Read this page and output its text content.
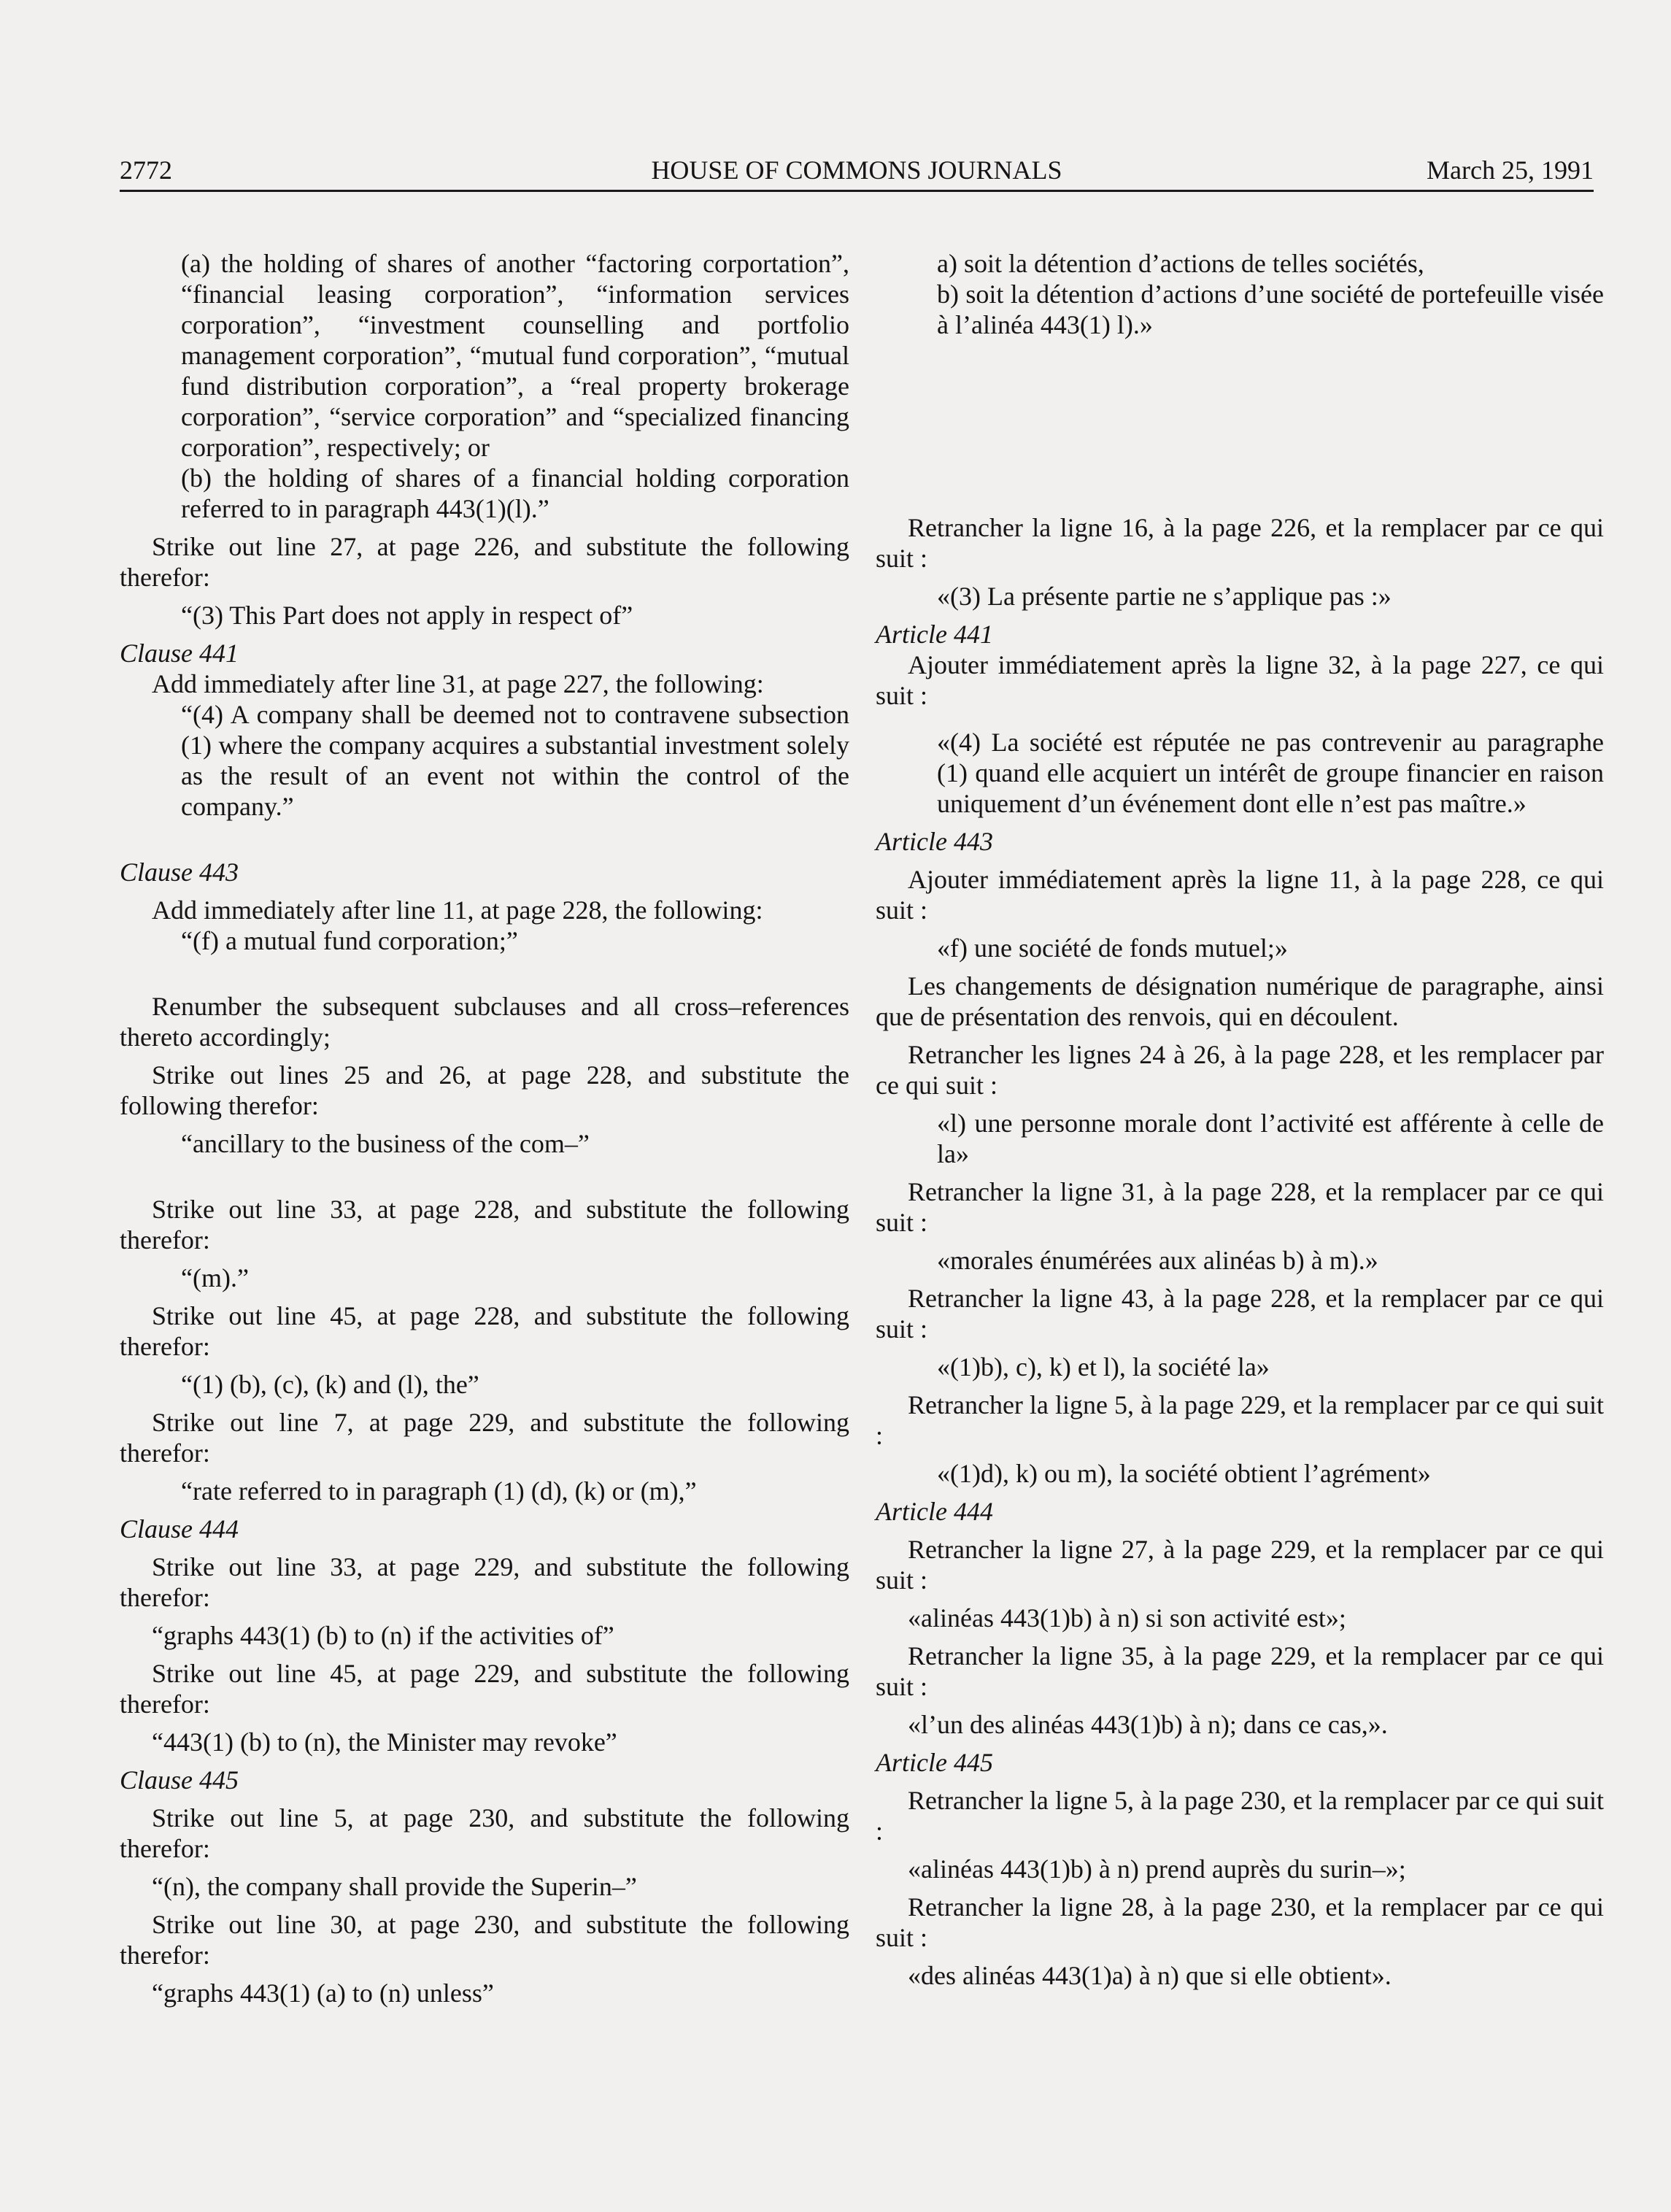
2772	HOUSE OF COMMONS JOURNALS	March 25, 1991

(a) the holding of shares of another “factoring corportation”, “financial leasing corporation”, “information services corporation”, “investment counselling and portfolio management corporation”, “mutual fund corporation”, “mutual fund distribution corporation”, a “real property brokerage corporation”, “service corporation” and “specialized financing corporation”, respectively; or

(b) the holding of shares of a financial holding corporation referred to in paragraph 443(1)(l).”

Strike out line 27, at page 226, and substitute the following therefor:

“(3) This Part does not apply in respect of”

Clause 441

Add immediately after line 31, at page 227, the following:

“(4) A company shall be deemed not to contravene subsection (1) where the company acquires a substantial investment solely as the result of an event not within the control of the company.”

Clause 443

Add immediately after line 11, at page 228, the following:

“(f) a mutual fund corporation;”

Renumber the subsequent subclauses and all cross–references thereto accordingly;

Strike out lines 25 and 26, at page 228, and substitute the following therefor:

“ancillary to the business of the com–”

Strike out line 33, at page 228, and substitute the following therefor:

“(m).”

Strike out line 45, at page 228, and substitute the following therefor:

“(1) (b), (c), (k) and (l), the”

Strike out line 7, at page 229, and substitute the following therefor:

“rate referred to in paragraph (1) (d), (k) or (m),”

Clause 444

Strike out line 33, at page 229, and substitute the following therefor:

“graphs 443(1) (b) to (n) if the activities of”

Strike out line 45, at page 229, and substitute the following therefor:

“443(1) (b) to (n), the Minister may revoke”

Clause 445

Strike out line 5, at page 230, and substitute the following therefor:

“(n), the company shall provide the Superin–”

Strike out line 30, at page 230, and substitute the following therefor:

“graphs 443(1) (a) to (n) unless”

a) soit la détention d’actions de telles sociétés,

b) soit la détention d’actions d’une société de portefeuille visée à l’alinéa 443(1) l).»

Retrancher la ligne 16, à la page 226, et la remplacer par ce qui suit :

«(3) La présente partie ne s’applique pas :»

Article 441

Ajouter immédiatement après la ligne 32, à la page 227, ce qui suit :

«(4) La société est réputée ne pas contrevenir au paragraphe (1) quand elle acquiert un intérêt de groupe financier en raison uniquement d’un événement dont elle n’est pas maître.»

Article 443

Ajouter immédiatement après la ligne 11, à la page 228, ce qui suit :

«f) une société de fonds mutuel;»

Les changements de désignation numérique de paragraphe, ainsi que de présentation des renvois, qui en découlent.

Retrancher les lignes 24 à 26, à la page 228, et les remplacer par ce qui suit :

«l) une personne morale dont l’activité est afférente à celle de la»

Retrancher la ligne 31, à la page 228, et la remplacer par ce qui suit :

«morales énumérées aux alinéas b) à m).»

Retrancher la ligne 43, à la page 228, et la remplacer par ce qui suit :

«(1)b), c), k) et l), la société la»

Retrancher la ligne 5, à la page 229, et la remplacer par ce qui suit :

«(1)d), k) ou m), la société obtient l’agrément»

Article 444

Retrancher la ligne 27, à la page 229, et la remplacer par ce qui suit :

«alinéas 443(1)b) à n) si son activité est»;

Retrancher la ligne 35, à la page 229, et la remplacer par ce qui suit :

«l’un des alinéas 443(1)b) à n); dans ce cas,».

Article 445

Retrancher la ligne 5, à la page 230, et la remplacer par ce qui suit :

«alinéas 443(1)b) à n) prend auprès du surin–»;

Retrancher la ligne 28, à la page 230, et la remplacer par ce qui suit :

«des alinéas 443(1)a) à n) que si elle obtient».
